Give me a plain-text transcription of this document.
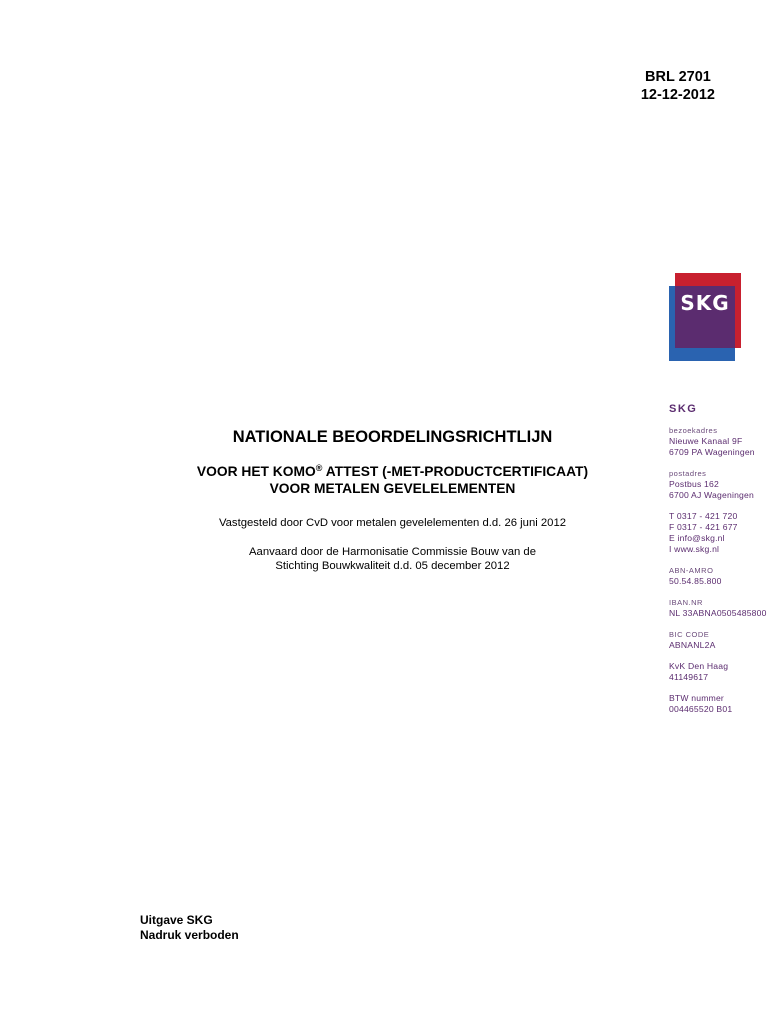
BRL 2701
12-12-2012
SKG
SKG
bezoekadres
Nieuwe Kanaal 9F
6709 PA Wageningen
postadres
Postbus 162
6700 AJ Wageningen
T 0317 - 421 720
F 0317 - 421 677
E info@skg.nl
I www.skg.nl
ABN-AMRO
50.54.85.800
IBAN.NR
NL 33ABNA0505485800
BIC CODE
ABNANL2A
KvK Den Haag
41149617
BTW nummer
004465520 B01
NATIONALE BEOORDELINGSRICHTLIJN
VOOR HET KOMO® ATTEST (-MET-PRODUCTCERTIFICAAT)
VOOR METALEN GEVELELEMENTEN
Vastgesteld door CvD voor metalen gevelelementen d.d. 26 juni 2012
Aanvaard door de Harmonisatie Commissie Bouw van de
Stichting Bouwkwaliteit d.d. 05 december 2012
Uitgave SKG
Nadruk verboden
